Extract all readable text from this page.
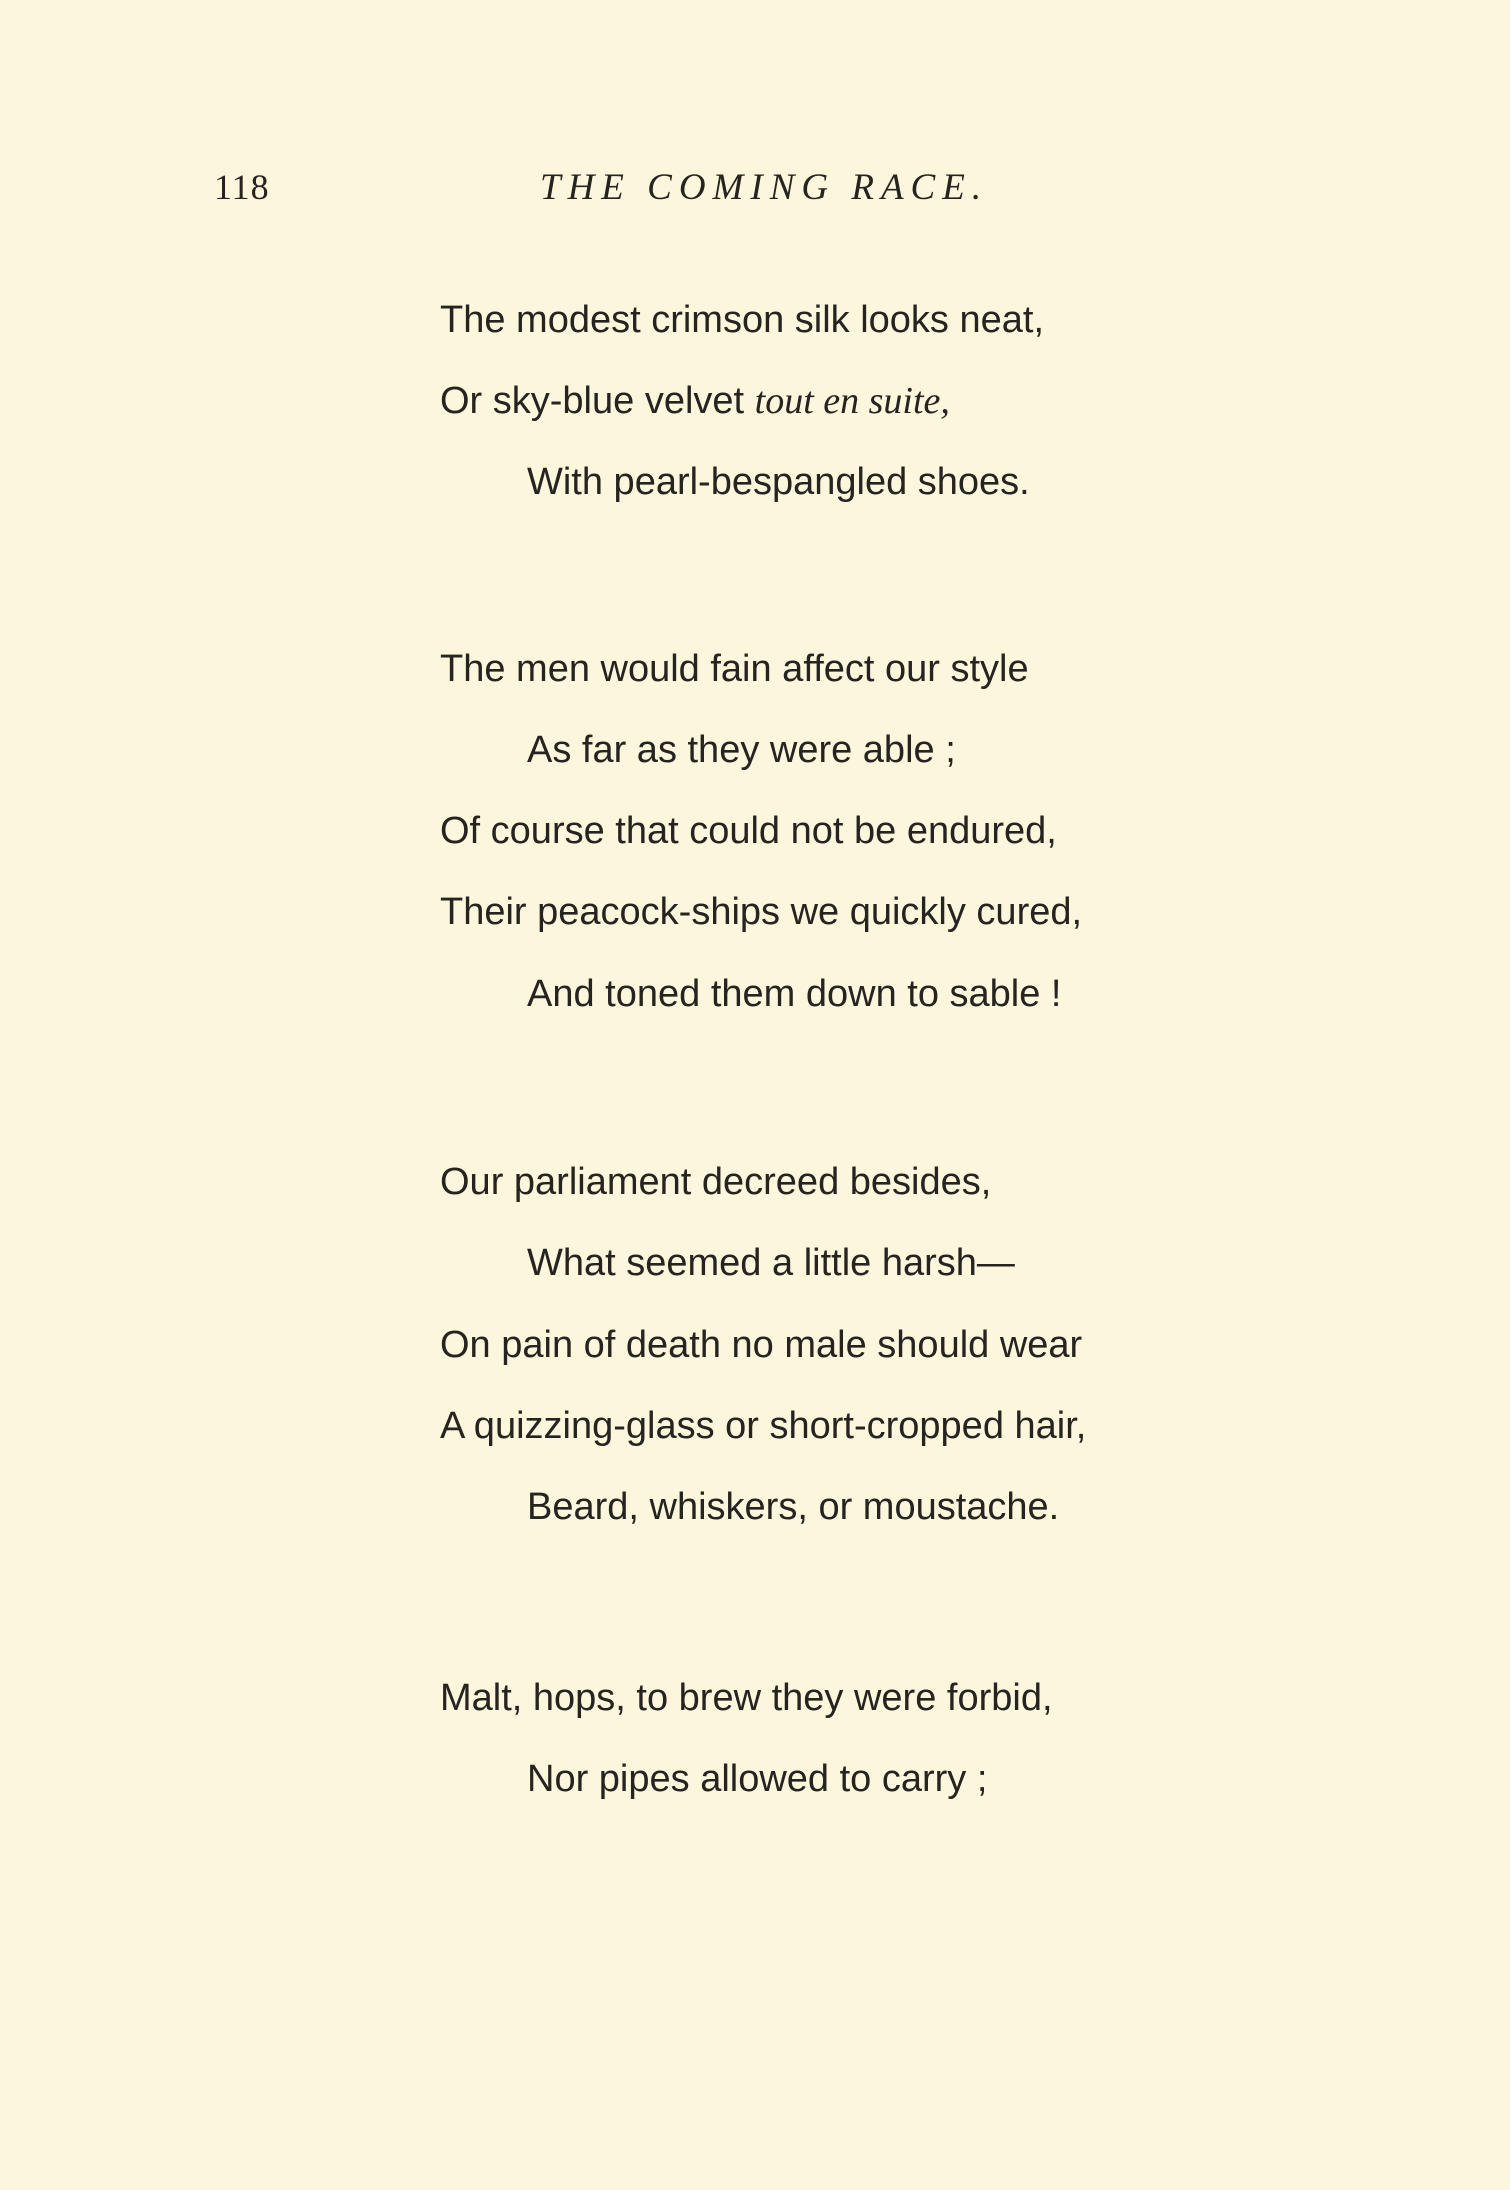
118	THE COMING RACE.
The modest crimson silk looks neat,
Or sky-blue velvet tout en suite,
With pearl-bespangled shoes.
The men would fain affect our style
As far as they were able ;
Of course that could not be endured,
Their peacock-ships we quickly cured,
And toned them down to sable !
Our parliament decreed besides,
What seemed a little harsh—
On pain of death no male should wear
A quizzing-glass or short-cropped hair,
Beard, whiskers, or moustache.
Malt, hops, to brew they were forbid,
Nor pipes allowed to carry ;
